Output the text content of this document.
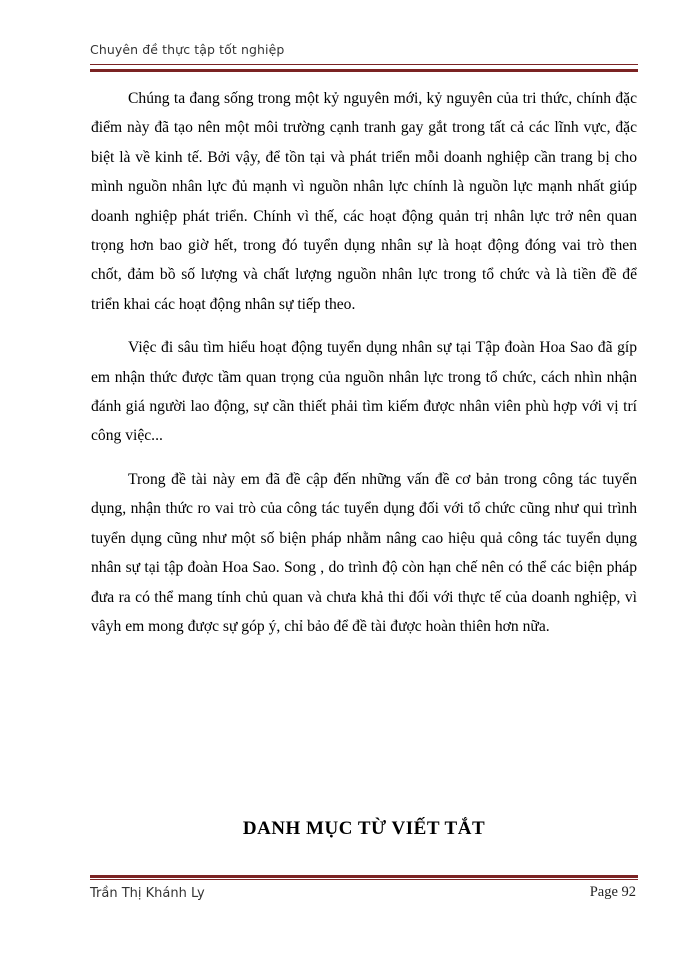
Chuyên đề thực tập tốt nghiệp

Chúng ta đang sống trong một kỷ nguyên mới, kỷ nguyên của tri thức, chính đặc điểm này đã tạo nên một môi trường cạnh tranh gay gắt trong tất cả các lĩnh vực, đặc biệt là về kinh tế. Bởi vậy, để tồn tại và phát triển mỗi doanh nghiệp cần trang bị cho mình nguồn nhân lực đủ mạnh vì nguồn nhân lực chính là nguồn lực mạnh nhất giúp doanh nghiệp phát triển. Chính vì thế, các hoạt động quản trị nhân lực trở nên quan trọng hơn bao giờ hết, trong đó tuyển dụng nhân sự là hoạt động đóng vai trò then chốt, đảm bồ số lượng và chất lượng nguồn nhân lực trong tổ chức và là tiền đề để triển khai các hoạt động nhân sự tiếp theo.

Việc đi sâu tìm hiểu hoạt động tuyển dụng nhân sự tại Tập đoàn Hoa Sao đã gíp em nhận thức được tầm quan trọng của nguồn nhân lực trong tổ chức, cách nhìn nhận đánh giá người lao động, sự cần thiết phải tìm kiếm được nhân viên phù hợp với vị trí công việc...

Trong đề tài này em đã đề cập đến những vấn đề cơ bản trong công tác tuyển dụng, nhận thức ro vai trò của công tác tuyển dụng đối với tổ chức cũng như qui trình tuyển dụng cũng như một số biện pháp nhằm nâng cao hiệu quả công tác tuyển dụng nhân sự tại tập đoàn Hoa Sao. Song , do trình độ còn hạn chế nên có thể các biện pháp đưa ra có thể mang tính chủ quan và chưa khả thi đối với thực tế của doanh nghiệp, vì vâyh em mong được sự góp ý, chỉ bảo để đề tài được hoàn thiên hơn nữa.

DANH MỤC TỪ VIẾT TẮT
Trần Thị Khánh Ly	Page 92
